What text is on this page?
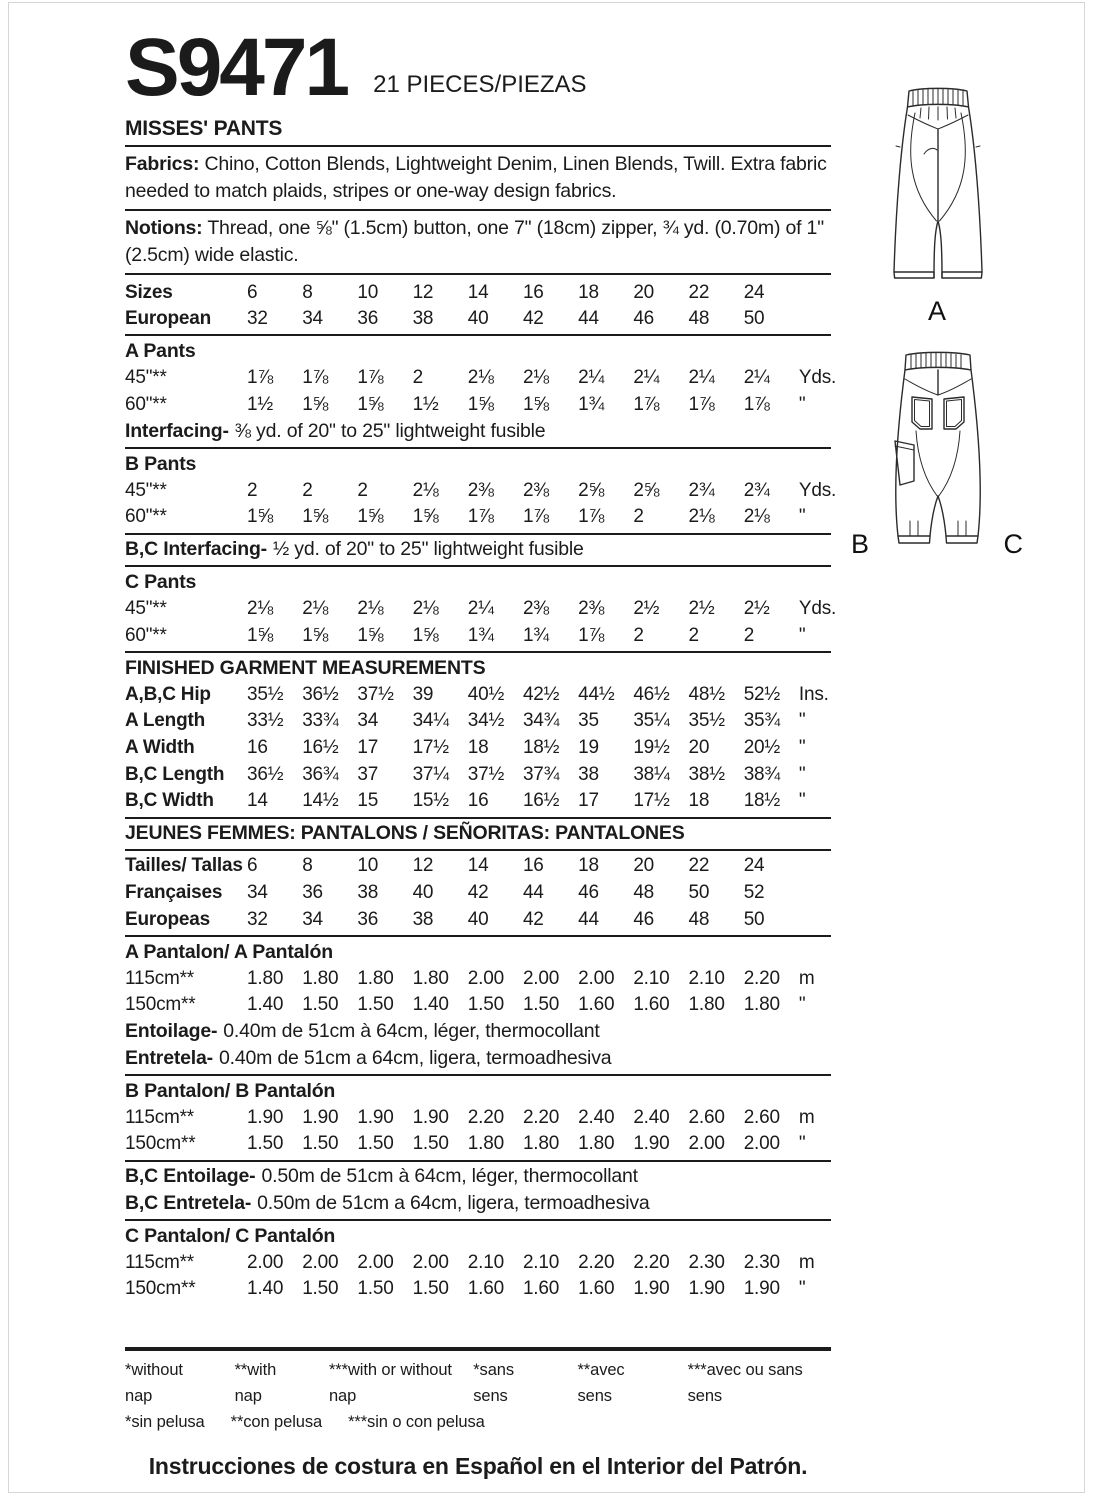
S9471 21 PIECES/PIEZAS
MISSES' PANTS

Fabrics: Chino, Cotton Blends, Lightweight Denim, Linen Blends, Twill. Extra fabric needed to match plaids, stripes or one-way design fabrics.

Notions: Thread, one ⅝" (1.5cm) button, one 7" (18cm) zipper, ¾ yd. (0.70m) of 1" (2.5cm) wide elastic.

Sizes	6	8	10	12	14	16	18	20	22	24
European	32	34	36	38	40	42	44	46	48	50
A Pants
45"**	1⅞	1⅞	1⅞	2	2⅛	2⅛	2¼	2¼	2¼	2¼	Yds.
60"**	1½	1⅝	1⅝	1½	1⅝	1⅝	1¾	1⅞	1⅞	1⅞	"
Interfacing- ⅜ yd. of 20" to 25" lightweight fusible
B Pants
45"**	2	2	2	2⅛	2⅜	2⅜	2⅝	2⅝	2¾	2¾	Yds.
60"**	1⅝	1⅝	1⅝	1⅝	1⅞	1⅞	1⅞	2	2⅛	2⅛	"
B,C Interfacing- ½ yd. of 20" to 25" lightweight fusible
C Pants
45"**	2⅛	2⅛	2⅛	2⅛	2¼	2⅜	2⅜	2½	2½	2½	Yds.
60"**	1⅝	1⅝	1⅝	1⅝	1¾	1¾	1⅞	2	2	2	"
FINISHED GARMENT MEASUREMENTS
A,B,C Hip	35½ 36½ 37½ 39	40½ 42½ 44½ 46½ 48½ 52½ Ins.
A Length	33½ 33¾ 34	34¼ 34½ 34¾ 35	35¼ 35½ 35¾ "
A Width	16	16½ 17	17½ 18	18½ 19	19½ 20	20½ "
B,C Length	36½ 36¾ 37	37¼ 37½ 37¾ 38	38¼ 38½ 38¾ "
B,C Width	14	14½ 15	15½ 16	16½ 17	17½ 18	18½ "
JEUNES FEMMES: PANTALONS / SEÑORITAS: PANTALONES
Tailles/ Tallas 6	8	10	12	14	16	18	20	22	24
Françaises	34	36	38	40	42	44	46	48	50	52
Europeas	32	34	36	38	40	42	44	46	48	50
A Pantalon/ A Pantalón
115cm**	1.80	1.80	1.80	1.80	2.00	2.00	2.00	2.10	2.10	2.20	m
150cm**	1.40	1.50	1.50	1.40	1.50	1.50	1.60	1.60	1.80	1.80	"
Entoilage- 0.40m de 51cm à 64cm, léger, thermocollant
Entretela- 0.40m de 51cm a 64cm, ligera, termoadhesiva
B Pantalon/ B Pantalón
115cm**	1.90	1.90	1.90	1.90	2.20	2.20	2.40	2.40	2.60	2.60	m
150cm**	1.50	1.50	1.50	1.50	1.80	1.80	1.80	1.90	2.00	2.00	"
B,C Entoilage- 0.50m de 51cm à 64cm, léger, thermocollant
B,C Entretela- 0.50m de 51cm a 64cm, ligera, termoadhesiva
C Pantalon/ C Pantalón
115cm**	2.00	2.00	2.00	2.00	2.10	2.10	2.20	2.20	2.30	2.30	m
150cm**	1.40	1.50	1.50	1.50	1.60	1.60	1.60	1.90	1.90	1.90	"
*without nap
**with nap
***with or without nap
*sans sens
**avec sens
***avec ou sans sens
*sin pelusa **con pelusa ***sin o con pelusa
Instrucciones de costura en Español en el Interior del Patrón.
A
B	C
